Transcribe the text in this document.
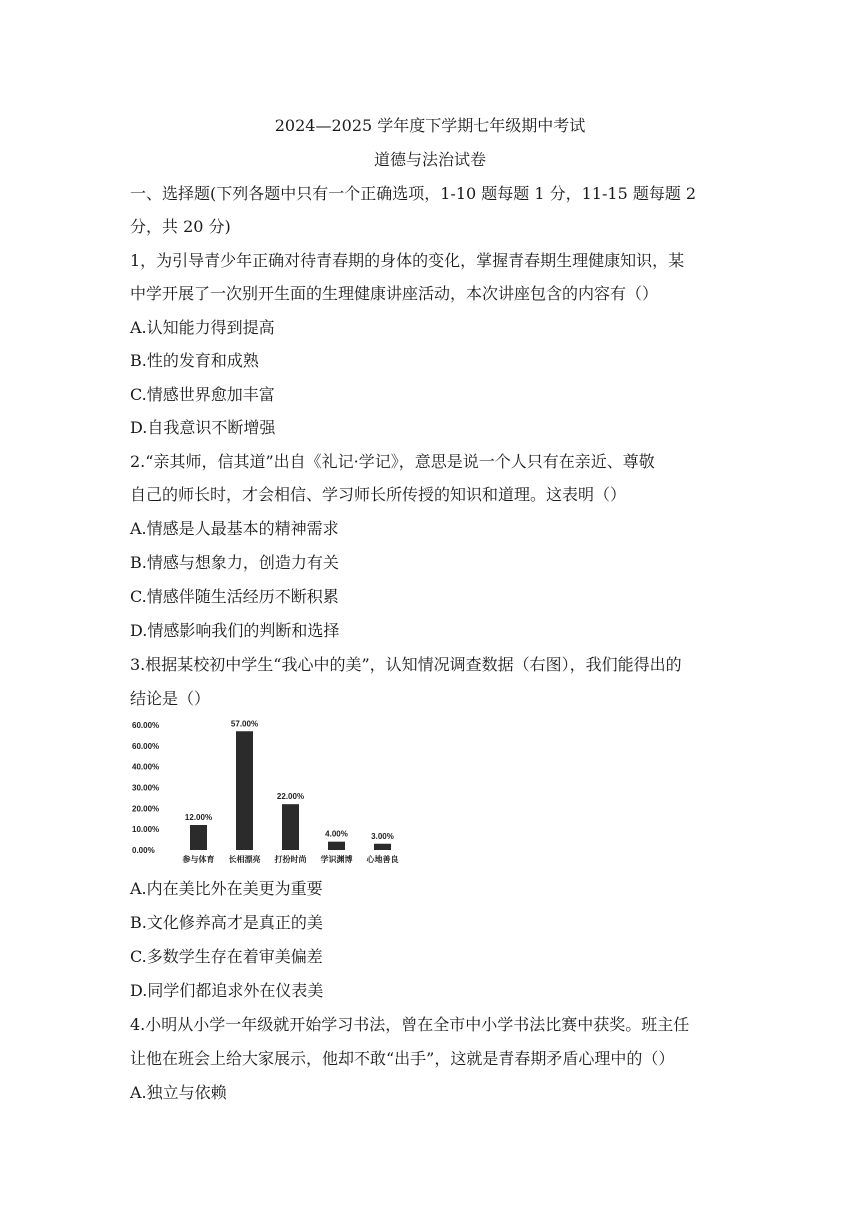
2024—2025 学年度下学期七年级期中考试
道德与法治试卷
一、选择题(下列各题中只有一个正确选项，1-10 题每题 1 分，11-15 题每题 2
分，共 20 分)
1，为引导青少年正确对待青春期的身体的变化，掌握青春期生理健康知识，某
中学开展了一次别开生面的生理健康讲座活动，本次讲座包含的内容有（）
A.认知能力得到提高
B.性的发育和成熟
C.情感世界愈加丰富
D.自我意识不断增强
2.“亲其师，信其道”出自《礼记·学记》，意思是说一个人只有在亲近、尊敬
自己的师长时，才会相信、学习师长所传授的知识和道理。这表明（）
A.情感是人最基本的精神需求
B.情感与想象力，创造力有关
C.情感伴随生活经历不断积累
D.情感影响我们的判断和选择
3.根据某校初中学生“我心中的美”，认知情况调查数据（右图），我们能得出的
结论是（）
60.00%
60.00%
40.00%
30.00%
20.00%
10.00%
0.00%
12.00%
参与体育
57.00%
长相漂亮
22.00%
打扮时尚
4.00%
学识渊博
3.00%
心地善良
A.内在美比外在美更为重要
B.文化修养高才是真正的美
C.多数学生存在着审美偏差
D.同学们都追求外在仪表美
4.小明从小学一年级就开始学习书法，曾在全市中小学书法比赛中获奖。班主任
让他在班会上给大家展示，他却不敢“出手”，这就是青春期矛盾心理中的（）
A.独立与依赖
